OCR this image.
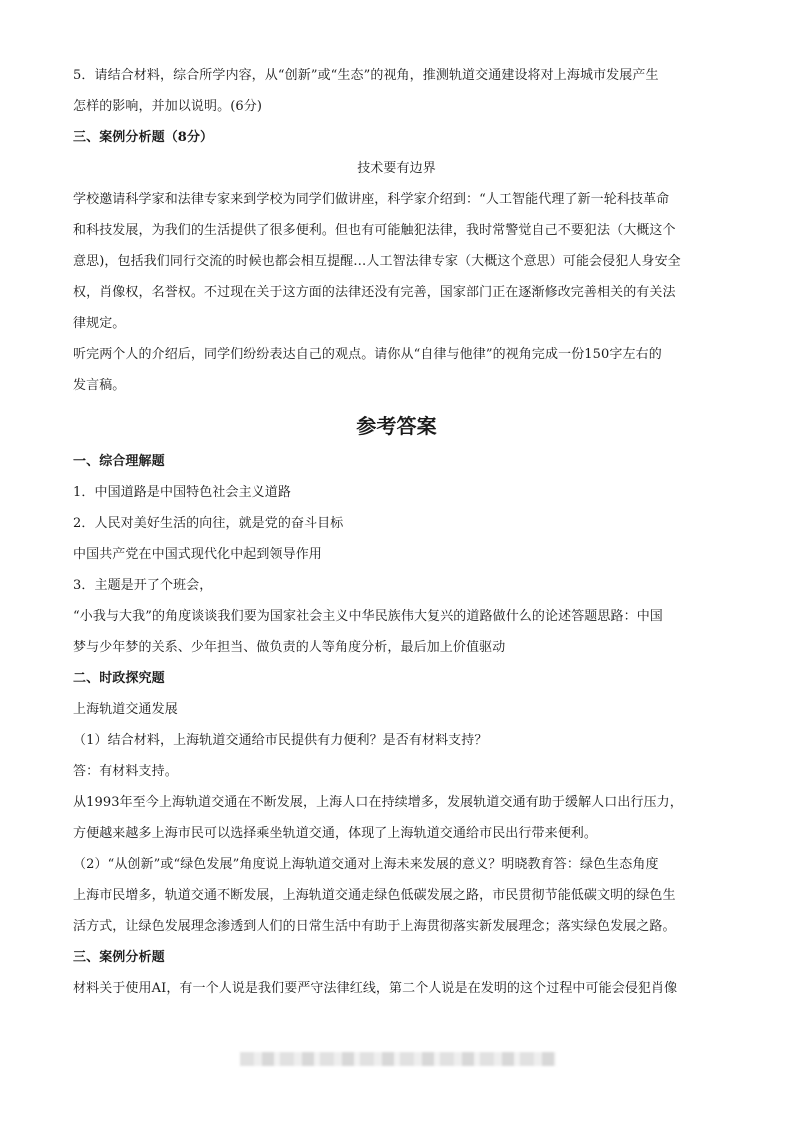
5．请结合材料，综合所学内容，从“创新”或“生态”的视角，推测轨道交通建设将对上海城市发展产生
怎样的影响，并加以说明。(6分)
三、案例分析题（8分）
技术要有边界
学校邀请科学家和法律专家来到学校为同学们做讲座，科学家介绍到：“人工智能代理了新一轮科技革命
和科技发展，为我们的生活提供了很多便利。但也有可能触犯法律，我时常警觉自己不要犯法（大概这个
意思)，包括我们同行交流的时候也都会相互提醒…人工智法律专家（大概这个意思）可能会侵犯人身安全
权，肖像权，名誉权。不过现在关于这方面的法律还没有完善，国家部门正在逐渐修改完善相关的有关法
律规定。
听完两个人的介绍后，同学们纷纷表达自己的观点。请你从“自律与他律”的视角完成一份150字左右的
发言稿。
参考答案
一、综合理解题
1．中国道路是中国特色社会主义道路
2．人民对美好生活的向往，就是党的奋斗目标
中国共产党在中国式现代化中起到领导作用
3．主题是开了个班会，
“小我与大我”的角度谈谈我们要为国家社会主义中华民族伟大复兴的道路做什么的论述答题思路：中国
梦与少年梦的关系、少年担当、做负责的人等角度分析，最后加上价值驱动
二、时政探究题
上海轨道交通发展
（1）结合材料，上海轨道交通给市民提供有力便利？是否有材料支持？
答：有材料支持。
从1993年至今上海轨道交通在不断发展，上海人口在持续增多，发展轨道交通有助于缓解人口出行压力，
方便越来越多上海市民可以选择乘坐轨道交通，体现了上海轨道交通给市民出行带来便利。
（2）“从创新”或“绿色发展”角度说上海轨道交通对上海未来发展的意义？明晓教育答：绿色生态角度
上海市民增多，轨道交通不断发展，上海轨道交通走绿色低碳发展之路，市民贯彻节能低碳文明的绿色生
活方式，让绿色发展理念渗透到人们的日常生活中有助于上海贯彻落实新发展理念；落实绿色发展之路。
三、案例分析题
材料关于使用AI，有一个人说是我们要严守法律红线，第二个人说是在发明的这个过程中可能会侵犯肖像
